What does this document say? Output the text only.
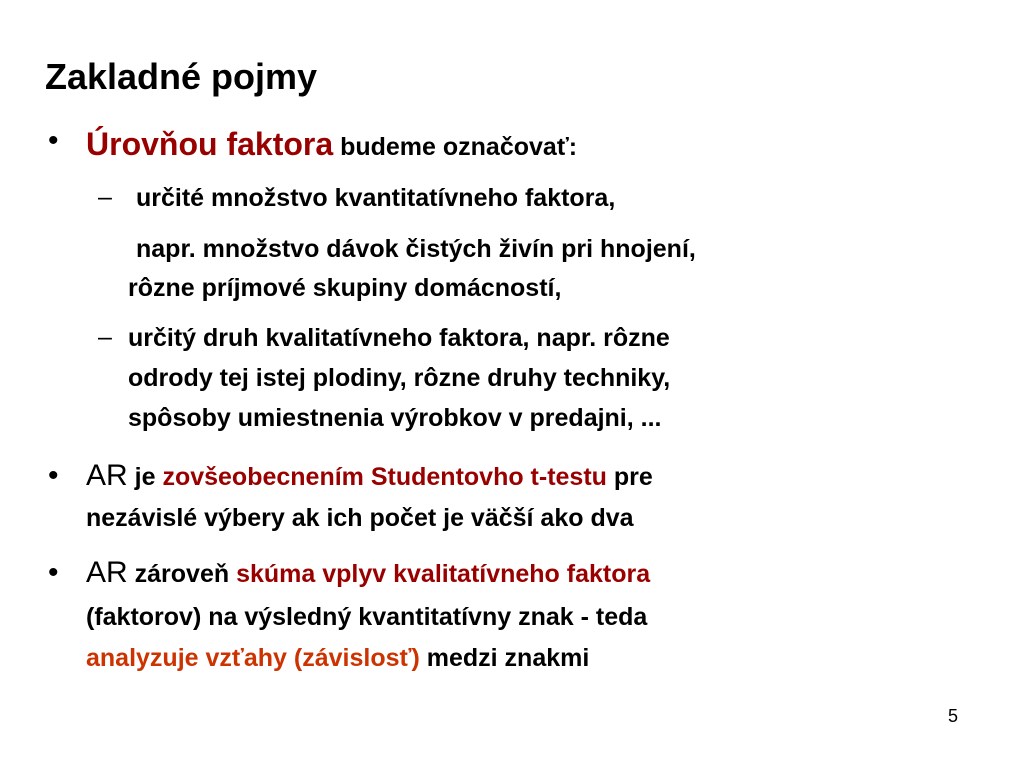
Zakladné pojmy
• Úrovňou faktora budeme označovať:
– určité množstvo kvantitatívneho faktora,
napr. množstvo dávok čistých živín pri hnojení,
rôzne príjmové skupiny domácností,
– určitý druh kvalitatívneho faktora, napr. rôzne
odrody tej istej plodiny, rôzne druhy techniky,
spôsoby umiestnenia výrobkov v predajni, ...
• AR je zovšeobecnením Studentovho t-testu pre
nezávislé výbery ak ich počet je väčší ako dva
• AR zároveň skúma vplyv kvalitatívneho faktora
(faktorov) na výsledný kvantitatívny znak - teda
analyzuje vzťahy (závislosť) medzi znakmi
5
